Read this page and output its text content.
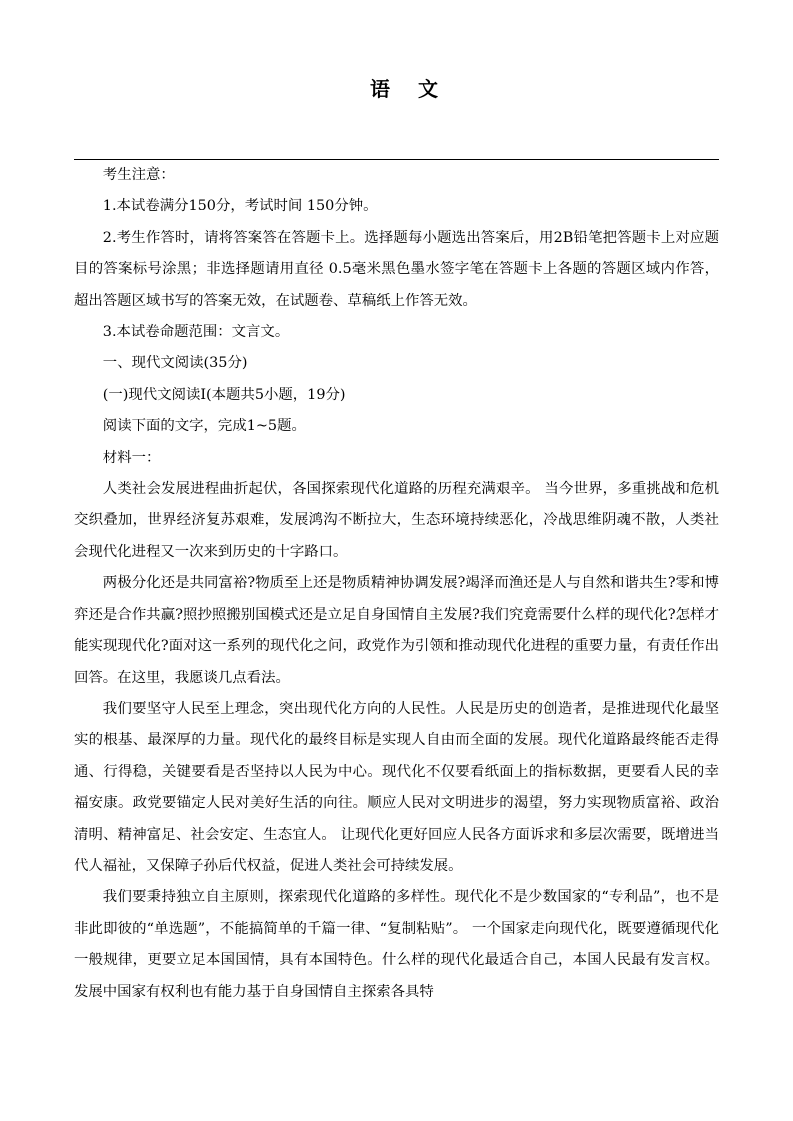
语文

考生注意：

1.本试卷满分150分，考试时间 150分钟。

2.考生作答时，请将答案答在答题卡上。选择题每小题选出答案后，用2B铅笔把答题卡上对应题目的答案标号涂黑；非选择题请用直径 0.5毫米黑色墨水签字笔在答题卡上各题的答题区域内作答，超出答题区域书写的答案无效，在试题卷、草稿纸上作答无效。

3.本试卷命题范围：文言文。

一、现代文阅读(35分)

(一)现代文阅读Ⅰ(本题共5小题，19分)

阅读下面的文字，完成1~5题。

材料一：

人类社会发展进程曲折起伏，各国探索现代化道路的历程充满艰辛。 当今世界，多重挑战和危机交织叠加，世界经济复苏艰难，发展鸿沟不断拉大，生态环境持续恶化，冷战思维阴魂不散，人类社会现代化进程又一次来到历史的十字路口。

两极分化还是共同富裕?物质至上还是物质精神协调发展?竭泽而渔还是人与自然和谐共生?零和博弈还是合作共赢?照抄照搬别国模式还是立足自身国情自主发展?我们究竟需要什么样的现代化?怎样才能实现现代化?面对这一系列的现代化之问，政党作为引领和推动现代化进程的重要力量，有责任作出回答。在这里，我愿谈几点看法。

我们要坚守人民至上理念，突出现代化方向的人民性。人民是历史的创造者，是推进现代化最坚实的根基、最深厚的力量。现代化的最终目标是实现人自由而全面的发展。现代化道路最终能否走得通、行得稳，关键要看是否坚持以人民为中心。现代化不仅要看纸面上的指标数据，更要看人民的幸福安康。政党要锚定人民对美好生活的向往。顺应人民对文明进步的渴望，努力实现物质富裕、政治清明、精神富足、社会安定、生态宜人。 让现代化更好回应人民各方面诉求和多层次需要，既增进当代人福祉，又保障子孙后代权益，促进人类社会可持续发展。

我们要秉持独立自主原则，探索现代化道路的多样性。现代化不是少数国家的“专利品”，也不是非此即彼的“单选题”，不能搞简单的千篇一律、“复制粘贴”。 一个国家走向现代化，既要遵循现代化一般规律，更要立足本国国情，具有本国特色。什么样的现代化最适合自己，本国人民最有发言权。发展中国家有权利也有能力基于自身国情自主探索各具特
